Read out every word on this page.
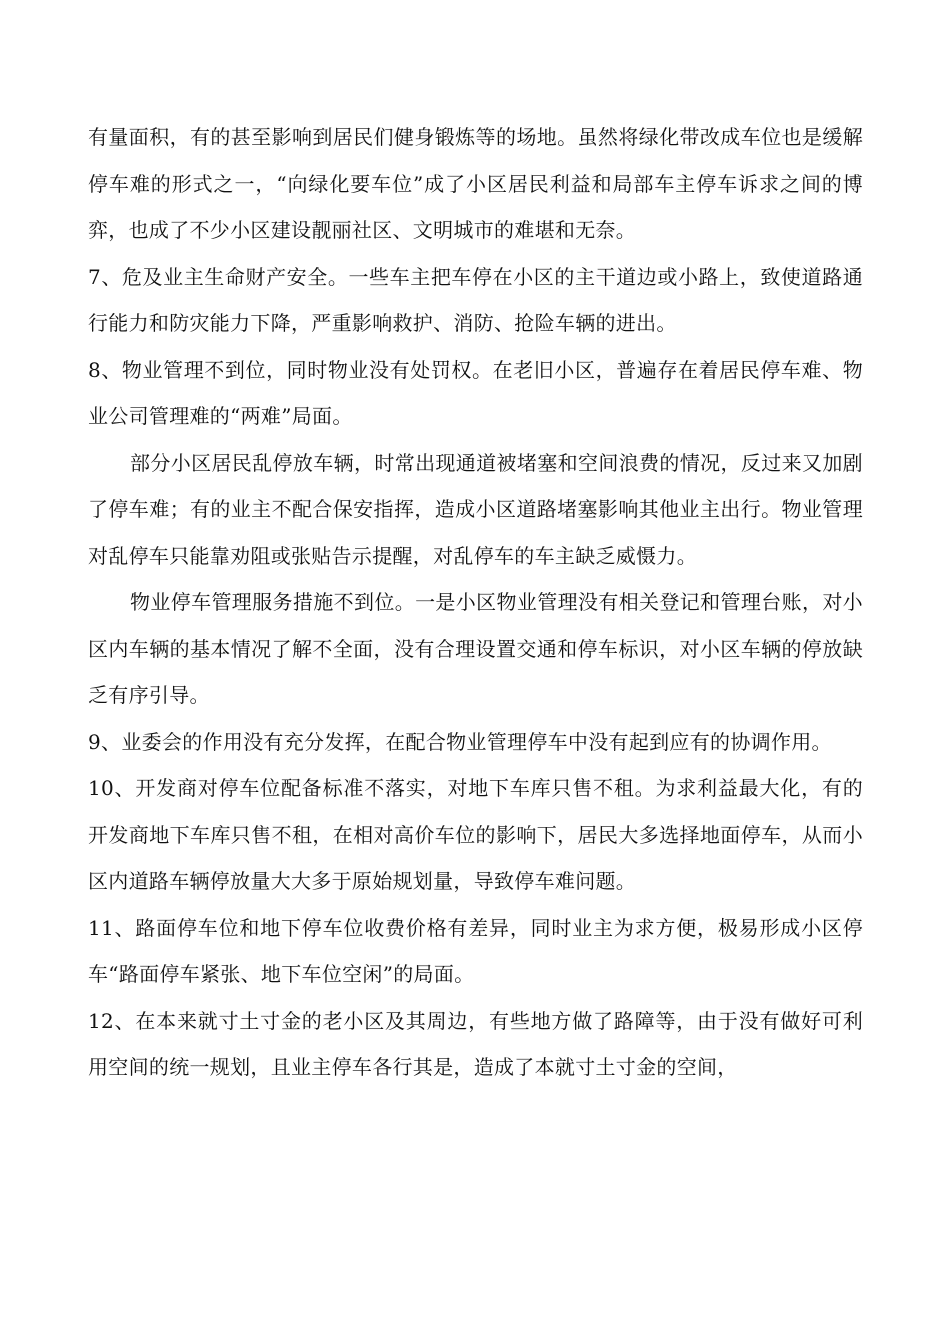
有量面积，有的甚至影响到居民们健身锻炼等的场地。虽然将绿化带改成车位也是缓解停车难的形式之一，“向绿化要车位”成了小区居民利益和局部车主停车诉求之间的博弈，也成了不少小区建设靓丽社区、文明城市的难堪和无奈。

7、危及业主生命财产安全。一些车主把车停在小区的主干道边或小路上，致使道路通行能力和防灾能力下降，严重影响救护、消防、抢险车辆的进出。

8、物业管理不到位，同时物业没有处罚权。在老旧小区，普遍存在着居民停车难、物业公司管理难的“两难”局面。

部分小区居民乱停放车辆，时常出现通道被堵塞和空间浪费的情况，反过来又加剧了停车难；有的业主不配合保安指挥，造成小区道路堵塞影响其他业主出行。物业管理对乱停车只能靠劝阻或张贴告示提醒，对乱停车的车主缺乏威慑力。

物业停车管理服务措施不到位。一是小区物业管理没有相关登记和管理台账，对小区内车辆的基本情况了解不全面，没有合理设置交通和停车标识，对小区车辆的停放缺乏有序引导。

9、业委会的作用没有充分发挥，在配合物业管理停车中没有起到应有的协调作用。

10、开发商对停车位配备标准不落实，对地下车库只售不租。为求利益最大化，有的开发商地下车库只售不租，在相对高价车位的影响下，居民大多选择地面停车，从而小区内道路车辆停放量大大多于原始规划量，导致停车难问题。

11、路面停车位和地下停车位收费价格有差异，同时业主为求方便，极易形成小区停车“路面停车紧张、地下车位空闲”的局面。

12、在本来就寸土寸金的老小区及其周边，有些地方做了路障等，由于没有做好可利用空间的统一规划，且业主停车各行其是，造成了本就寸土寸金的空间，
